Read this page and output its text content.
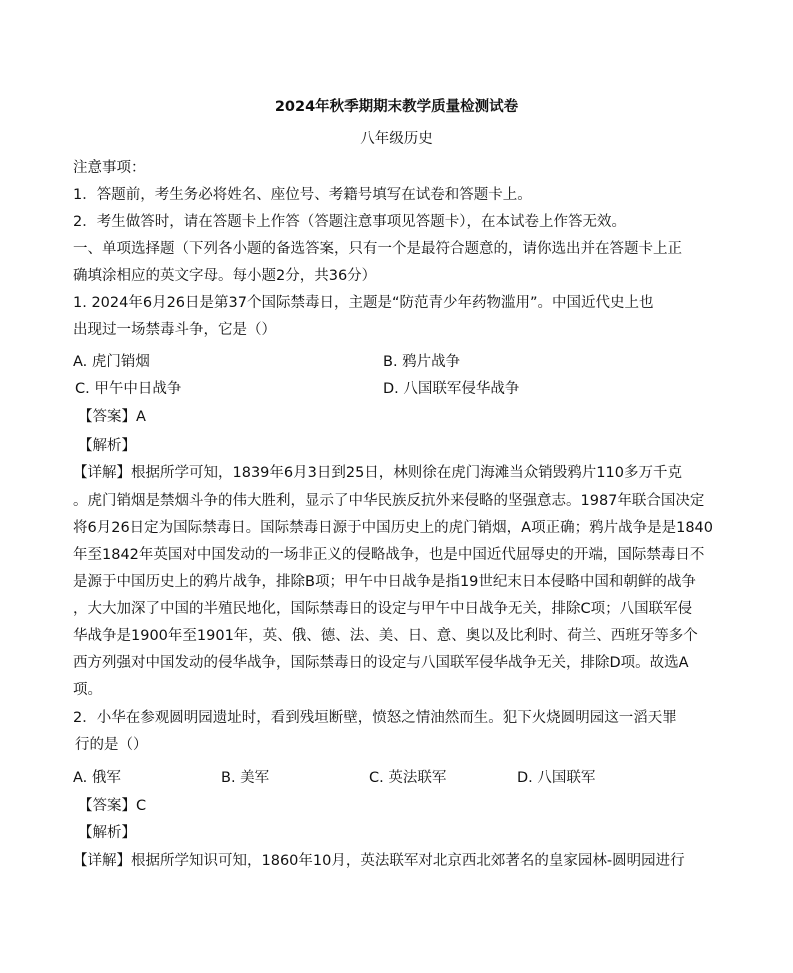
2024年秋季期期末教学质量检测试卷
八年级历史
注意事项：
1．答题前，考生务必将姓名、座位号、考籍号填写在试卷和答题卡上。
2．考生做答时，请在答题卡上作答（答题注意事项见答题卡），在本试卷上作答无效。
一、单项选择题（下列各小题的备选答案，只有一个是最符合题意的，请你选出并在答题卡上正
确填涂相应的英文字母。每小题2分，共36分）
1. 2024年6月26日是第37个国际禁毒日，主题是“防范青少年药物滥用”。中国近代史上也
出现过一场禁毒斗争，它是（）
A. 虎门销烟	B. 鸦片战争
C. 甲午中日战争	D. 八国联军侵华战争
【答案】A
【解析】
【详解】根据所学可知，1839年6月3日到25日，林则徐在虎门海滩当众销毁鸦片110多万千克
。虎门销烟是禁烟斗争的伟大胜利，显示了中华民族反抗外来侵略的坚强意志。1987年联合国决定
将6月26日定为国际禁毒日。国际禁毒日源于中国历史上的虎门销烟，A项正确；鸦片战争是是1840
年至1842年英国对中国发动的一场非正义的侵略战争，也是中国近代屈辱史的开端，国际禁毒日不
是源于中国历史上的鸦片战争，排除B项；甲午中日战争是指19世纪末日本侵略中国和朝鲜的战争
，大大加深了中国的半殖民地化，国际禁毒日的设定与甲午中日战争无关，排除C项；八国联军侵
华战争是1900年至1901年，英、俄、德、法、美、日、意、奥以及比利时、荷兰、西班牙等多个
西方列强对中国发动的侵华战争，国际禁毒日的设定与八国联军侵华战争无关，排除D项。故选A
项。
2．小华在参观圆明园遗址时，看到残垣断壁，愤怒之情油然而生。犯下火烧圆明园这一滔天罪
行的是（）
A. 俄军	B. 美军	C. 英法联军	D. 八国联军
【答案】C
【解析】
【详解】根据所学知识可知，1860年10月，英法联军对北京西北郊著名的皇家园林-圆明园进行
